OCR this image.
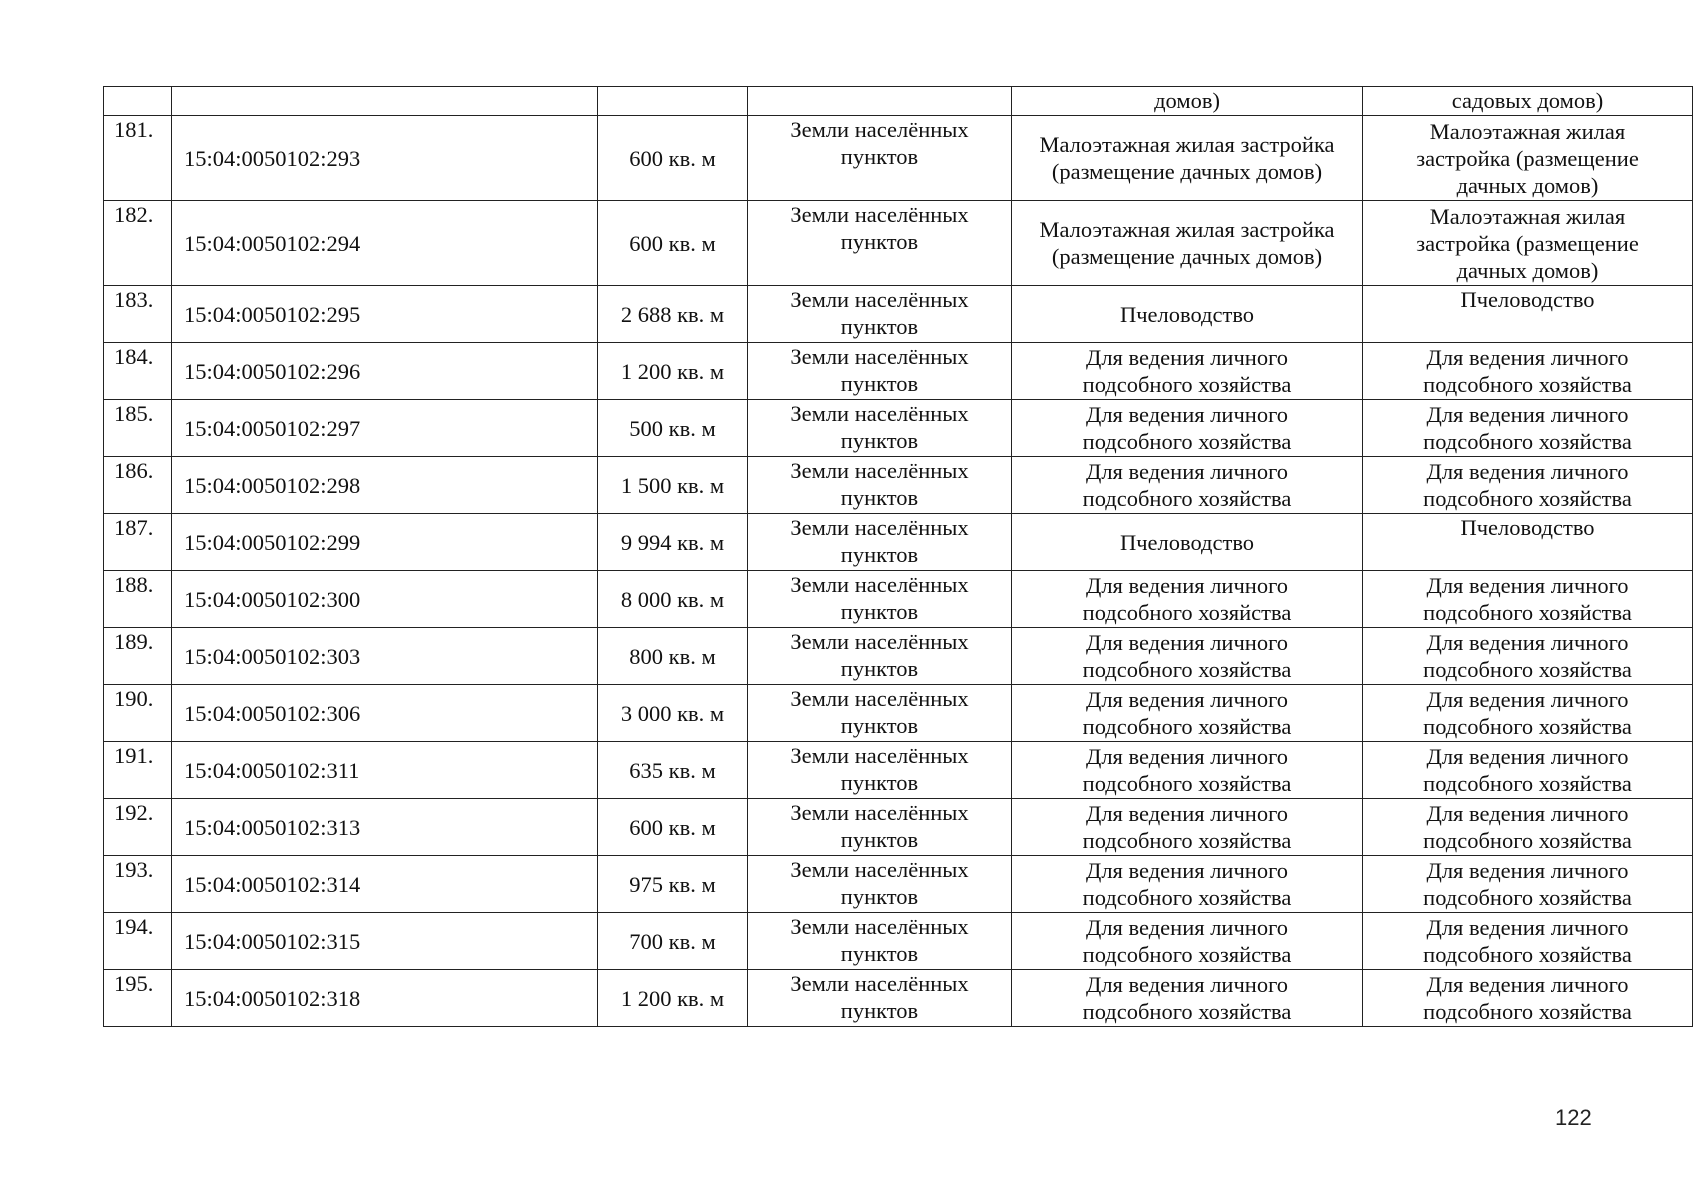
				домов)	садовых домов)
181.	15:04:0050102:293	600 кв. м	Земли населённых
пунктов	Малоэтажная жилая застройка
(размещение дачных домов)	Малоэтажная жилая
застройка (размещение
дачных домов)
182.	15:04:0050102:294	600 кв. м	Земли населённых
пунктов	Малоэтажная жилая застройка
(размещение дачных домов)	Малоэтажная жилая
застройка (размещение
дачных домов)
183.	15:04:0050102:295	2 688 кв. м	Земли населённых
пунктов	Пчеловодство	Пчеловодство
184.	15:04:0050102:296	1 200 кв. м	Земли населённых
пунктов	Для ведения личного
подсобного хозяйства	Для ведения личного
подсобного хозяйства
185.	15:04:0050102:297	500 кв. м	Земли населённых
пунктов	Для ведения личного
подсобного хозяйства	Для ведения личного
подсобного хозяйства
186.	15:04:0050102:298	1 500 кв. м	Земли населённых
пунктов	Для ведения личного
подсобного хозяйства	Для ведения личного
подсобного хозяйства
187.	15:04:0050102:299	9 994 кв. м	Земли населённых
пунктов	Пчеловодство	Пчеловодство
188.	15:04:0050102:300	8 000 кв. м	Земли населённых
пунктов	Для ведения личного
подсобного хозяйства	Для ведения личного
подсобного хозяйства
189.	15:04:0050102:303	800 кв. м	Земли населённых
пунктов	Для ведения личного
подсобного хозяйства	Для ведения личного
подсобного хозяйства
190.	15:04:0050102:306	3 000 кв. м	Земли населённых
пунктов	Для ведения личного
подсобного хозяйства	Для ведения личного
подсобного хозяйства
191.	15:04:0050102:311	635 кв. м	Земли населённых
пунктов	Для ведения личного
подсобного хозяйства	Для ведения личного
подсобного хозяйства
192.	15:04:0050102:313	600 кв. м	Земли населённых
пунктов	Для ведения личного
подсобного хозяйства	Для ведения личного
подсобного хозяйства
193.	15:04:0050102:314	975 кв. м	Земли населённых
пунктов	Для ведения личного
подсобного хозяйства	Для ведения личного
подсобного хозяйства
194.	15:04:0050102:315	700 кв. м	Земли населённых
пунктов	Для ведения личного
подсобного хозяйства	Для ведения личного
подсобного хозяйства
195.	15:04:0050102:318	1 200 кв. м	Земли населённых
пунктов	Для ведения личного
подсобного хозяйства	Для ведения личного
подсобного хозяйства
122
